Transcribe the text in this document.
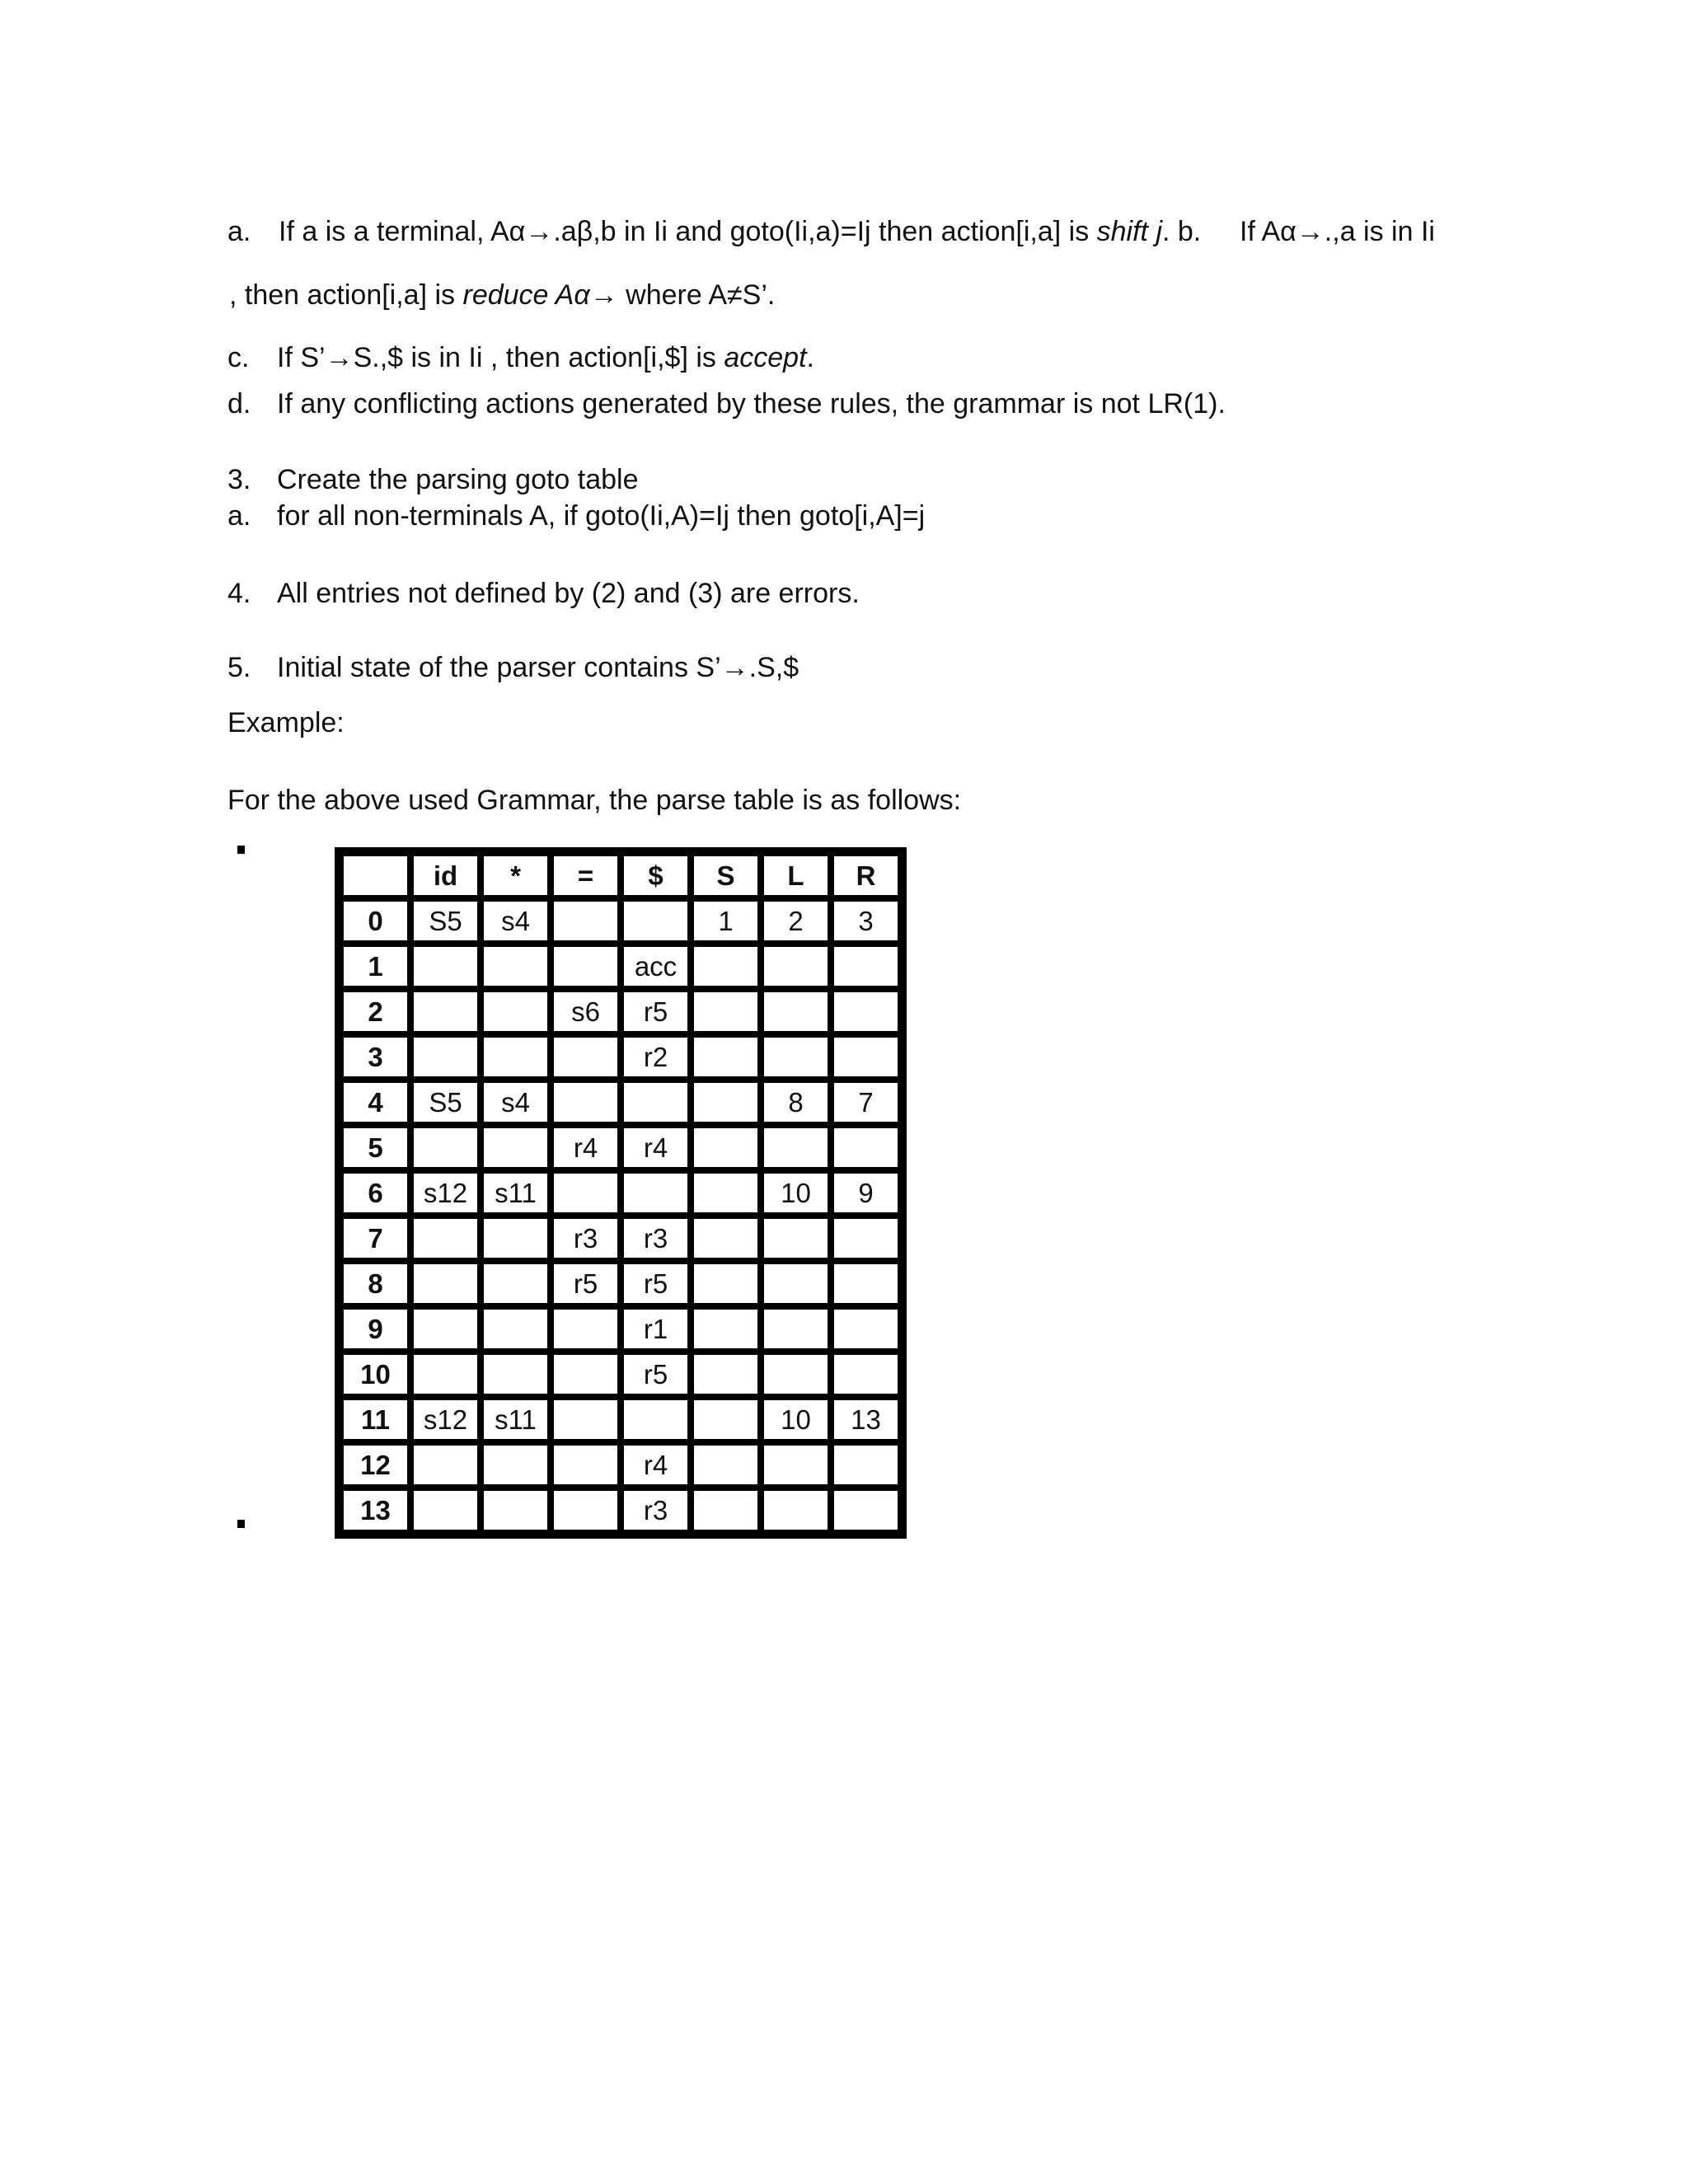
a. If a is a terminal, Aα→.aβ,b in Ii and goto(Ii,a)=Ij then action[i,a] is shift j. b. If Aα→.,a is in Ii
, then action[i,a] is reduce Aα→ where A≠S’.
c. If S’→S.,$ is in Ii , then action[i,$] is accept.
d. If any conflicting actions generated by these rules, the grammar is not LR(1).
3. Create the parsing goto table
a. for all non-terminals A, if goto(Ii,A)=Ij then goto[i,A]=j
4. All entries not defined by (2) and (3) are errors.
5. Initial state of the parser contains S’→.S,$
Example:
For the above used Grammar, the parse table is as follows:
	id	*	=	$	S	L	R
0	S5	s4			1	2	3
1				acc			
2			s6	r5			
3				r2			
4	S5	s4				8	7
5			r4	r4			
6	s12	s11				10	9
7			r3	r3			
8			r5	r5			
9				r1			
10				r5			
11	s12	s11				10	13
12				r4			
13				r3			
